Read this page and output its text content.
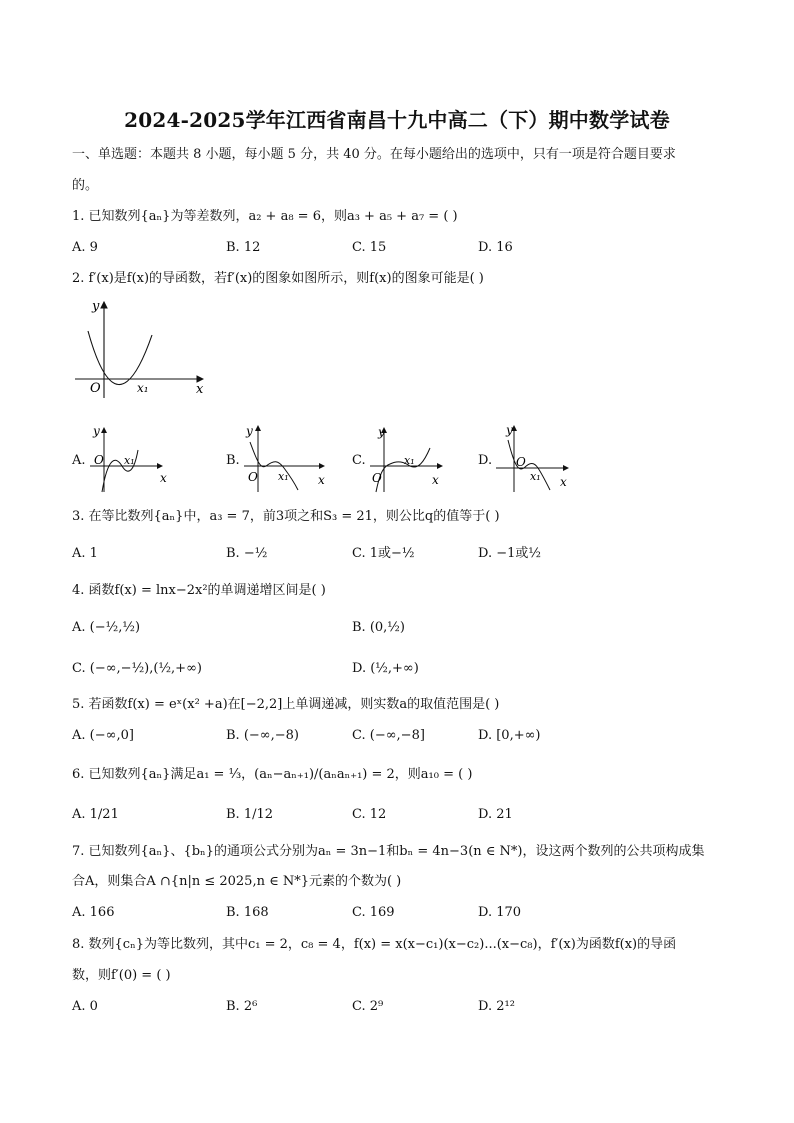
2024-2025学年江西省南昌十九中高二（下）期中数学试卷
一、单选题：本题共 8 小题，每小题 5 分，共 40 分。在每小题给出的选项中，只有一项是符合题目要求
的。
1. 已知数列{aₙ}为等差数列，a₂ + a₈ = 6，则a₃ + a₅ + a₇ = ( )
A. 9	B. 12	C. 15	D. 16
2. f′(x)是f(x)的导函数，若f′(x)的图象如图所示，则f(x)的图象可能是( )
y
x
O	x₁
A.	B.	C.	D.
y
x
O x₁
y
x
O x₁
y
x
O
x₁
y
x
O
x₁
3. 在等比数列{aₙ}中，a₃ = 7，前3项之和S₃ = 21，则公比q的值等于( )
A. 1	B. −½	C. 1或−½	D. −1或½
4. 函数f(x) = lnx−2x²的单调递增区间是( )
A. (−½,½)	B. (0,½)
C. (−∞,−½),(½,+∞)	D. (½,+∞)
5. 若函数f(x) = eˣ(x² +a)在[−2,2]上单调递减，则实数a的取值范围是( )
A. (−∞,0]	B. (−∞,−8)	C. (−∞,−8]	D. [0,+∞)
6. 已知数列{aₙ}满足a₁ = ⅓，(aₙ−aₙ₊₁)/(aₙaₙ₊₁) = 2，则a₁₀ = ( )
A. 1/21	B. 1/12	C. 12	D. 21
7. 已知数列{aₙ}、{bₙ}的通项公式分别为aₙ = 3n−1和bₙ = 4n−3(n ∈ N*)，设这两个数列的公共项构成集
合A，则集合A ∩{n|n ≤ 2025,n ∈ N*}元素的个数为( )
A. 166	B. 168	C. 169	D. 170
8. 数列{cₙ}为等比数列，其中c₁ = 2，c₈ = 4，f(x) = x(x−c₁)(x−c₂)...(x−c₈)，f′(x)为函数f(x)的导函
数，则f′(0) = ( )
A. 0	B. 2⁶	C. 2⁹	D. 2¹²
